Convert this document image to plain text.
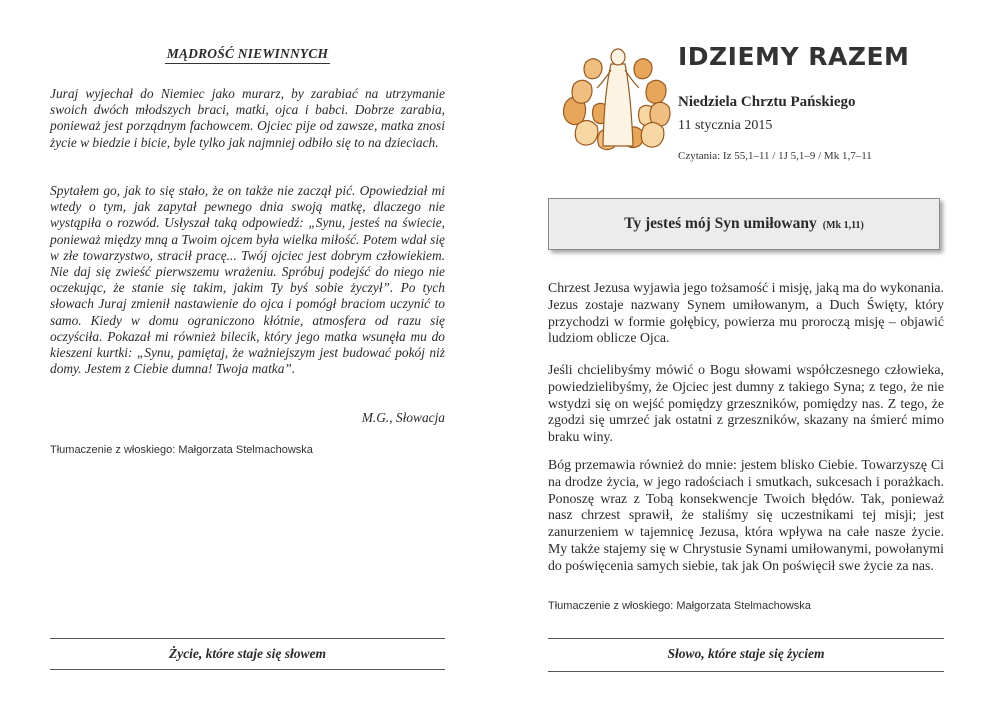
MĄDROŚĆ NIEWINNYCH

Juraj wyjechał do Niemiec jako murarz, by zarabiać na utrzymanie swoich dwóch młodszych braci, matki, ojca i babci. Dobrze zarabia, ponieważ jest porządnym fachowcem. Ojciec pije od zawsze, matka znosi życie w biedzie i bicie, byle tylko jak najmniej odbiło się to na dzieciach.

Spytałem go, jak to się stało, że on także nie zaczął pić. Opowiedział mi wtedy o tym, jak zapytał pewnego dnia swoją matkę, dlaczego nie wystąpiła o rozwód. Usłyszał taką odpowiedź: „Synu, jesteś na świecie, ponieważ między mną a Twoim ojcem była wielka miłość. Potem wdał się w złe towarzystwo, stracił pracę... Twój ojciec jest dobrym człowiekiem. Nie daj się zwieść pierwszemu wrażeniu. Spróbuj podejść do niego nie oczekując, że stanie się takim, jakim Ty byś sobie życzył”. Po tych słowach Juraj zmienił nastawienie do ojca i pomógł braciom uczynić to samo. Kiedy w domu ograniczono kłótnie, atmosfera od razu się oczyściła. Pokazał mi również bilecik, który jego matka wsunęła mu do kieszeni kurtki: „Synu, pamiętaj, że ważniejszym jest budować pokój niż domy. Jestem z Ciebie dumna! Twoja matka”.

M.G., Słowacja

Tłumaczenie z włoskiego: Małgorzata Stelmachowska

Życie, które staje się słowem
IDZIEMY RAZEM
Niedziela Chrztu Pańskiego
11 stycznia 2015
Czytania: Iz 55,1–11 / 1J 5,1–9 / Mk 1,7–11
Ty jesteś mój Syn umiłowany (Mk 1,11)

Chrzest Jezusa wyjawia jego tożsamość i misję, jaką ma do wykonania. Jezus zostaje nazwany Synem umiłowanym, a Duch Święty, który przychodzi w formie gołębicy, powierza mu proroczą misję – objawić ludziom oblicze Ojca.

Jeśli chcielibyśmy mówić o Bogu słowami współczesnego człowieka, powiedzielibyśmy, że Ojciec jest dumny z takiego Syna; z tego, że nie wstydzi się on wejść pomiędzy grzeszników, pomiędzy nas. Z tego, że zgodzi się umrzeć jak ostatni z grzeszników, skazany na śmierć mimo braku winy.

Bóg przemawia również do mnie: jestem blisko Ciebie. Towarzyszę Ci na drodze życia, w jego radościach i smutkach, sukcesach i porażkach. Ponoszę wraz z Tobą konsekwencje Twoich błędów. Tak, ponieważ nasz chrzest sprawił, że staliśmy się uczestnikami tej misji; jest zanurzeniem w tajemnicę Jezusa, która wpływa na całe nasze życie. My także stajemy się w Chrystusie Synami umiłowanymi, powołanymi do poświęcenia samych siebie, tak jak On poświęcił swe życie za nas.

Tłumaczenie z włoskiego: Małgorzata Stelmachowska

Słowo, które staje się życiem
